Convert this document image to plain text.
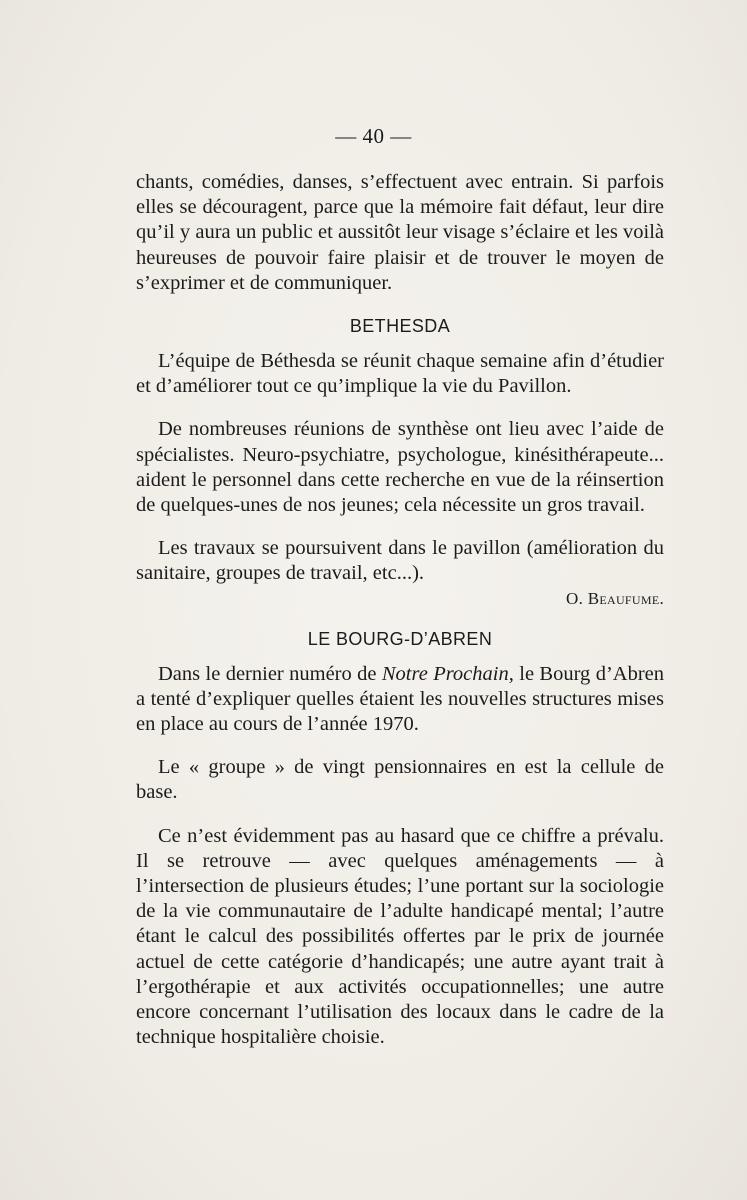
— 40 —

chants, comédies, danses, s’effectuent avec entrain. Si parfois elles se découragent, parce que la mémoire fait défaut, leur dire qu’il y aura un public et aussitôt leur visage s’éclaire et les voilà heureuses de pouvoir faire plaisir et de trouver le moyen de s’exprimer et de communiquer.

BETHESDA

L’équipe de Béthesda se réunit chaque semaine afin d’étudier et d’améliorer tout ce qu’implique la vie du Pavillon.

De nombreuses réunions de synthèse ont lieu avec l’aide de spécialistes. Neuro-psychiatre, psychologue, kinésithérapeute... aident le personnel dans cette recherche en vue de la réinsertion de quelques-unes de nos jeunes; cela nécessite un gros travail.

Les travaux se poursuivent dans le pavillon (amélioration du sanitaire, groupes de travail, etc...).

O. Beaufume.
LE BOURG-D’ABREN

Dans le dernier numéro de Notre Prochain, le Bourg d’Abren a tenté d’expliquer quelles étaient les nouvelles structures mises en place au cours de l’année 1970.

Le « groupe » de vingt pensionnaires en est la cellule de base.

Ce n’est évidemment pas au hasard que ce chiffre a prévalu. Il se retrouve — avec quelques aménagements — à l’intersection de plusieurs études; l’une portant sur la sociologie de la vie communautaire de l’adulte handicapé mental; l’autre étant le calcul des possibilités offertes par le prix de journée actuel de cette catégorie d’handicapés; une autre ayant trait à l’ergothérapie et aux activités occupationnelles; une autre encore concernant l’utilisation des locaux dans le cadre de la technique hospitalière choisie.
